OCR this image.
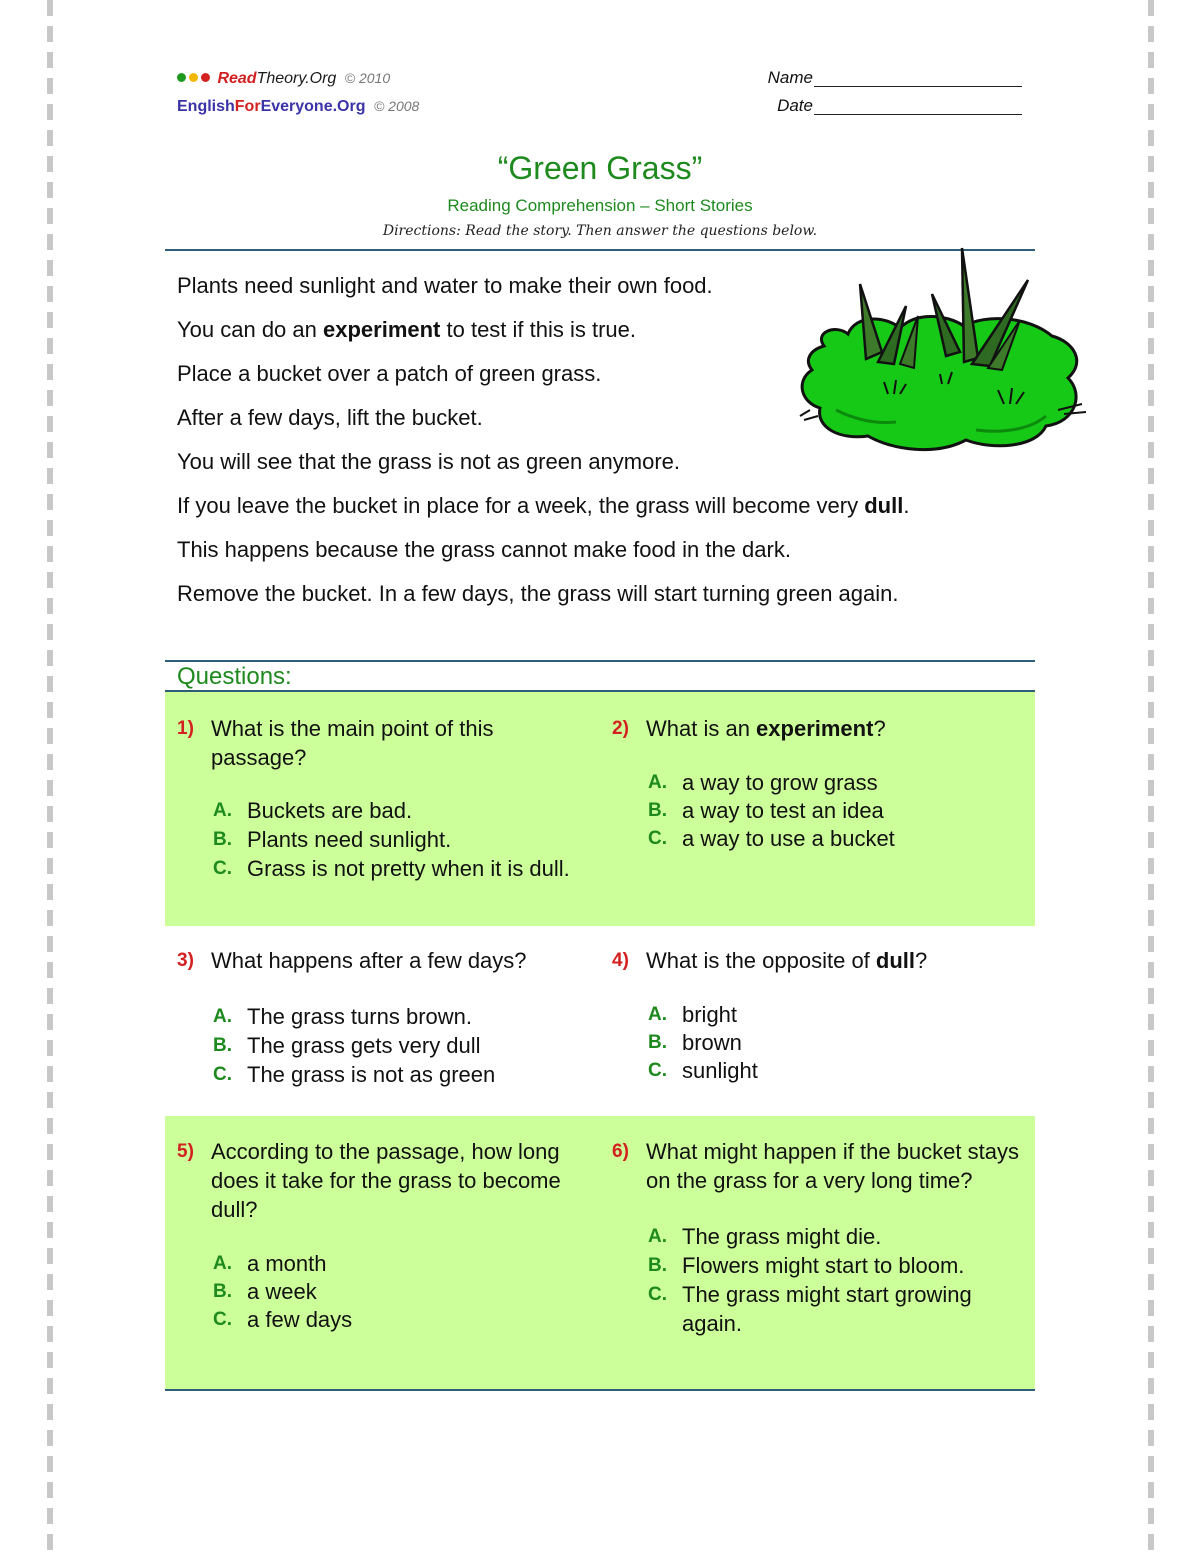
ReadTheory.Org © 2010
EnglishForEveryone.Org © 2008
Name
Date
“Green Grass”
Reading Comprehension – Short Stories
Directions: Read the story. Then answer the questions below.

Plants need sunlight and water to make their own food.

You can do an experiment to test if this is true.

Place a bucket over a patch of green grass.

After a few days, lift the bucket.

You will see that the grass is not as green anymore.

If you leave the bucket in place for a week, the grass will become very dull.

This happens because the grass cannot make food in the dark.

Remove the bucket. In a few days, the grass will start turning green again.

Questions:
1) What is the main point of this passage?
A. Buckets are bad.
B. Plants need sunlight.
C. Grass is not pretty when it is dull.
2) What is an experiment?
A. a way to grow grass
B. a way to test an idea
C. a way to use a bucket
3) What happens after a few days?
A. The grass turns brown.
B. The grass gets very dull
C. The grass is not as green
4) What is the opposite of dull?
A. bright
B. brown
C. sunlight
5) According to the passage, how long does it take for the grass to become dull?
A. a month
B. a week
C. a few days
6) What might happen if the bucket stays on the grass for a very long time?
A. The grass might die.
B. Flowers might start to bloom.
C. The grass might start growing again.
